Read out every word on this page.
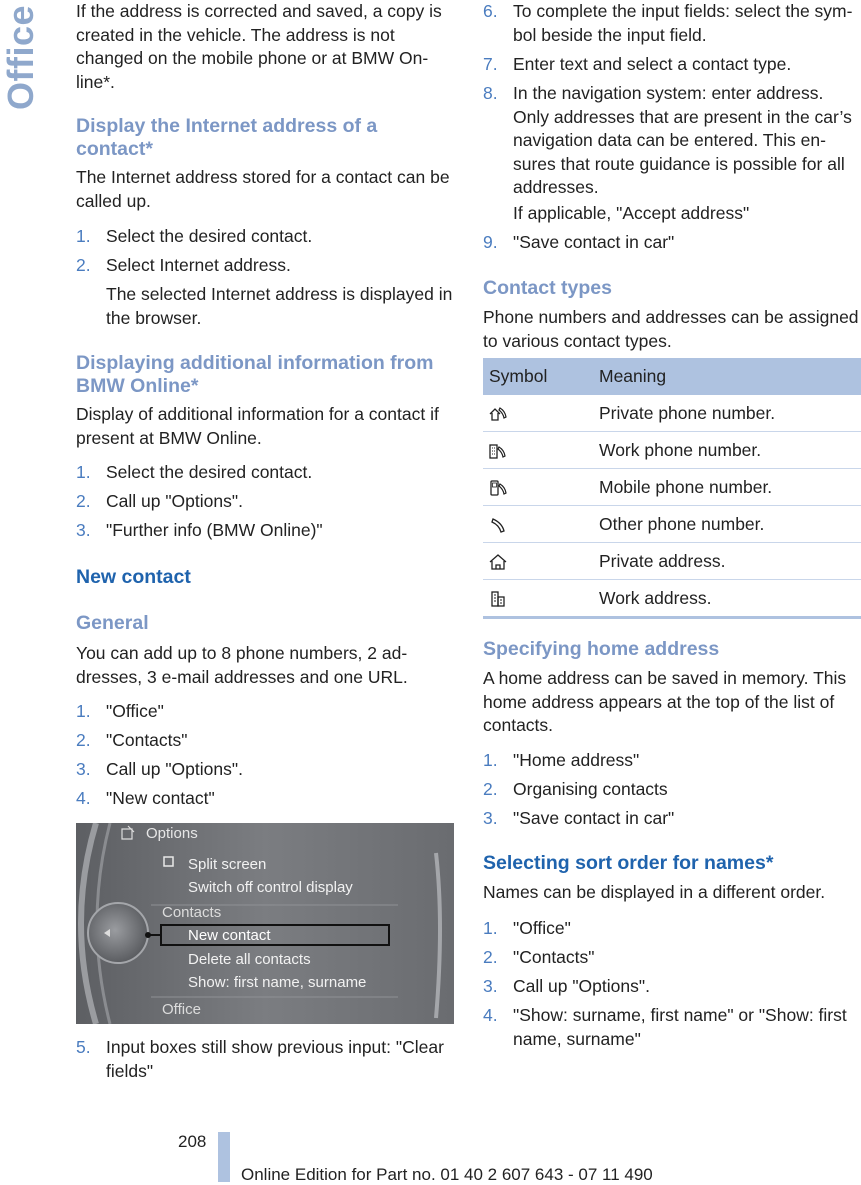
Office If the address is corrected and saved, a copy is created in the vehicle. The address is not changed on the mobile phone or at BMW On line*.

Display the Internet address of a contact*

The Internet address stored for a contact can be called up.

1. Select the desired contact.
2. Select Internet address.

The selected Internet address is displayed in the browser.

Displaying additional information from BMW Online*

Display of additional information for a contact if present at BMW Online.

1. Select the desired contact.
2. Call up "Options".
3. "Further info (BMW Online)"

New contact

General

You can add up to 8 phone numbers, 2 ad dresses, 3 e-mail addresses and one URL.

1. "Office"
2. "Contacts"
3. Call up "Options".
4. "New contact"
5. Input boxes still show previous input: "Clear fields"
Options
Split screen
Switch off control display
Contacts
New contact
Delete all contacts
Show: first name, surname
Office
6. To complete the input fields: select the sym bol beside the input field.
7. Enter text and select a contact type.
8. In the navigation system: enter address. Only addresses that are present in the car’s navigation data can be entered. This en sures that route guidance is possible for all addresses.

If applicable, "Accept address"

9. "Save contact in car"

Contact types

Phone numbers and addresses can be assigned to various contact types.

Symbol	Meaning
	Private phone number.
	Work phone number.
	Mobile phone number.
	Other phone number.
	Private address.
	Work address.

Specifying home address

A home address can be saved in memory. This home address appears at the top of the list of contacts.

1. "Home address"
2. Organising contacts
3. "Save contact in car"

Selecting sort order for names*

Names can be displayed in a different order.

1. "Office"
2. "Contacts"
3. Call up "Options".
4. "Show: surname, first name" or "Show: first name, surname"
208
Online Edition for Part no. 01 40 2 607 643 - 07 11 490
